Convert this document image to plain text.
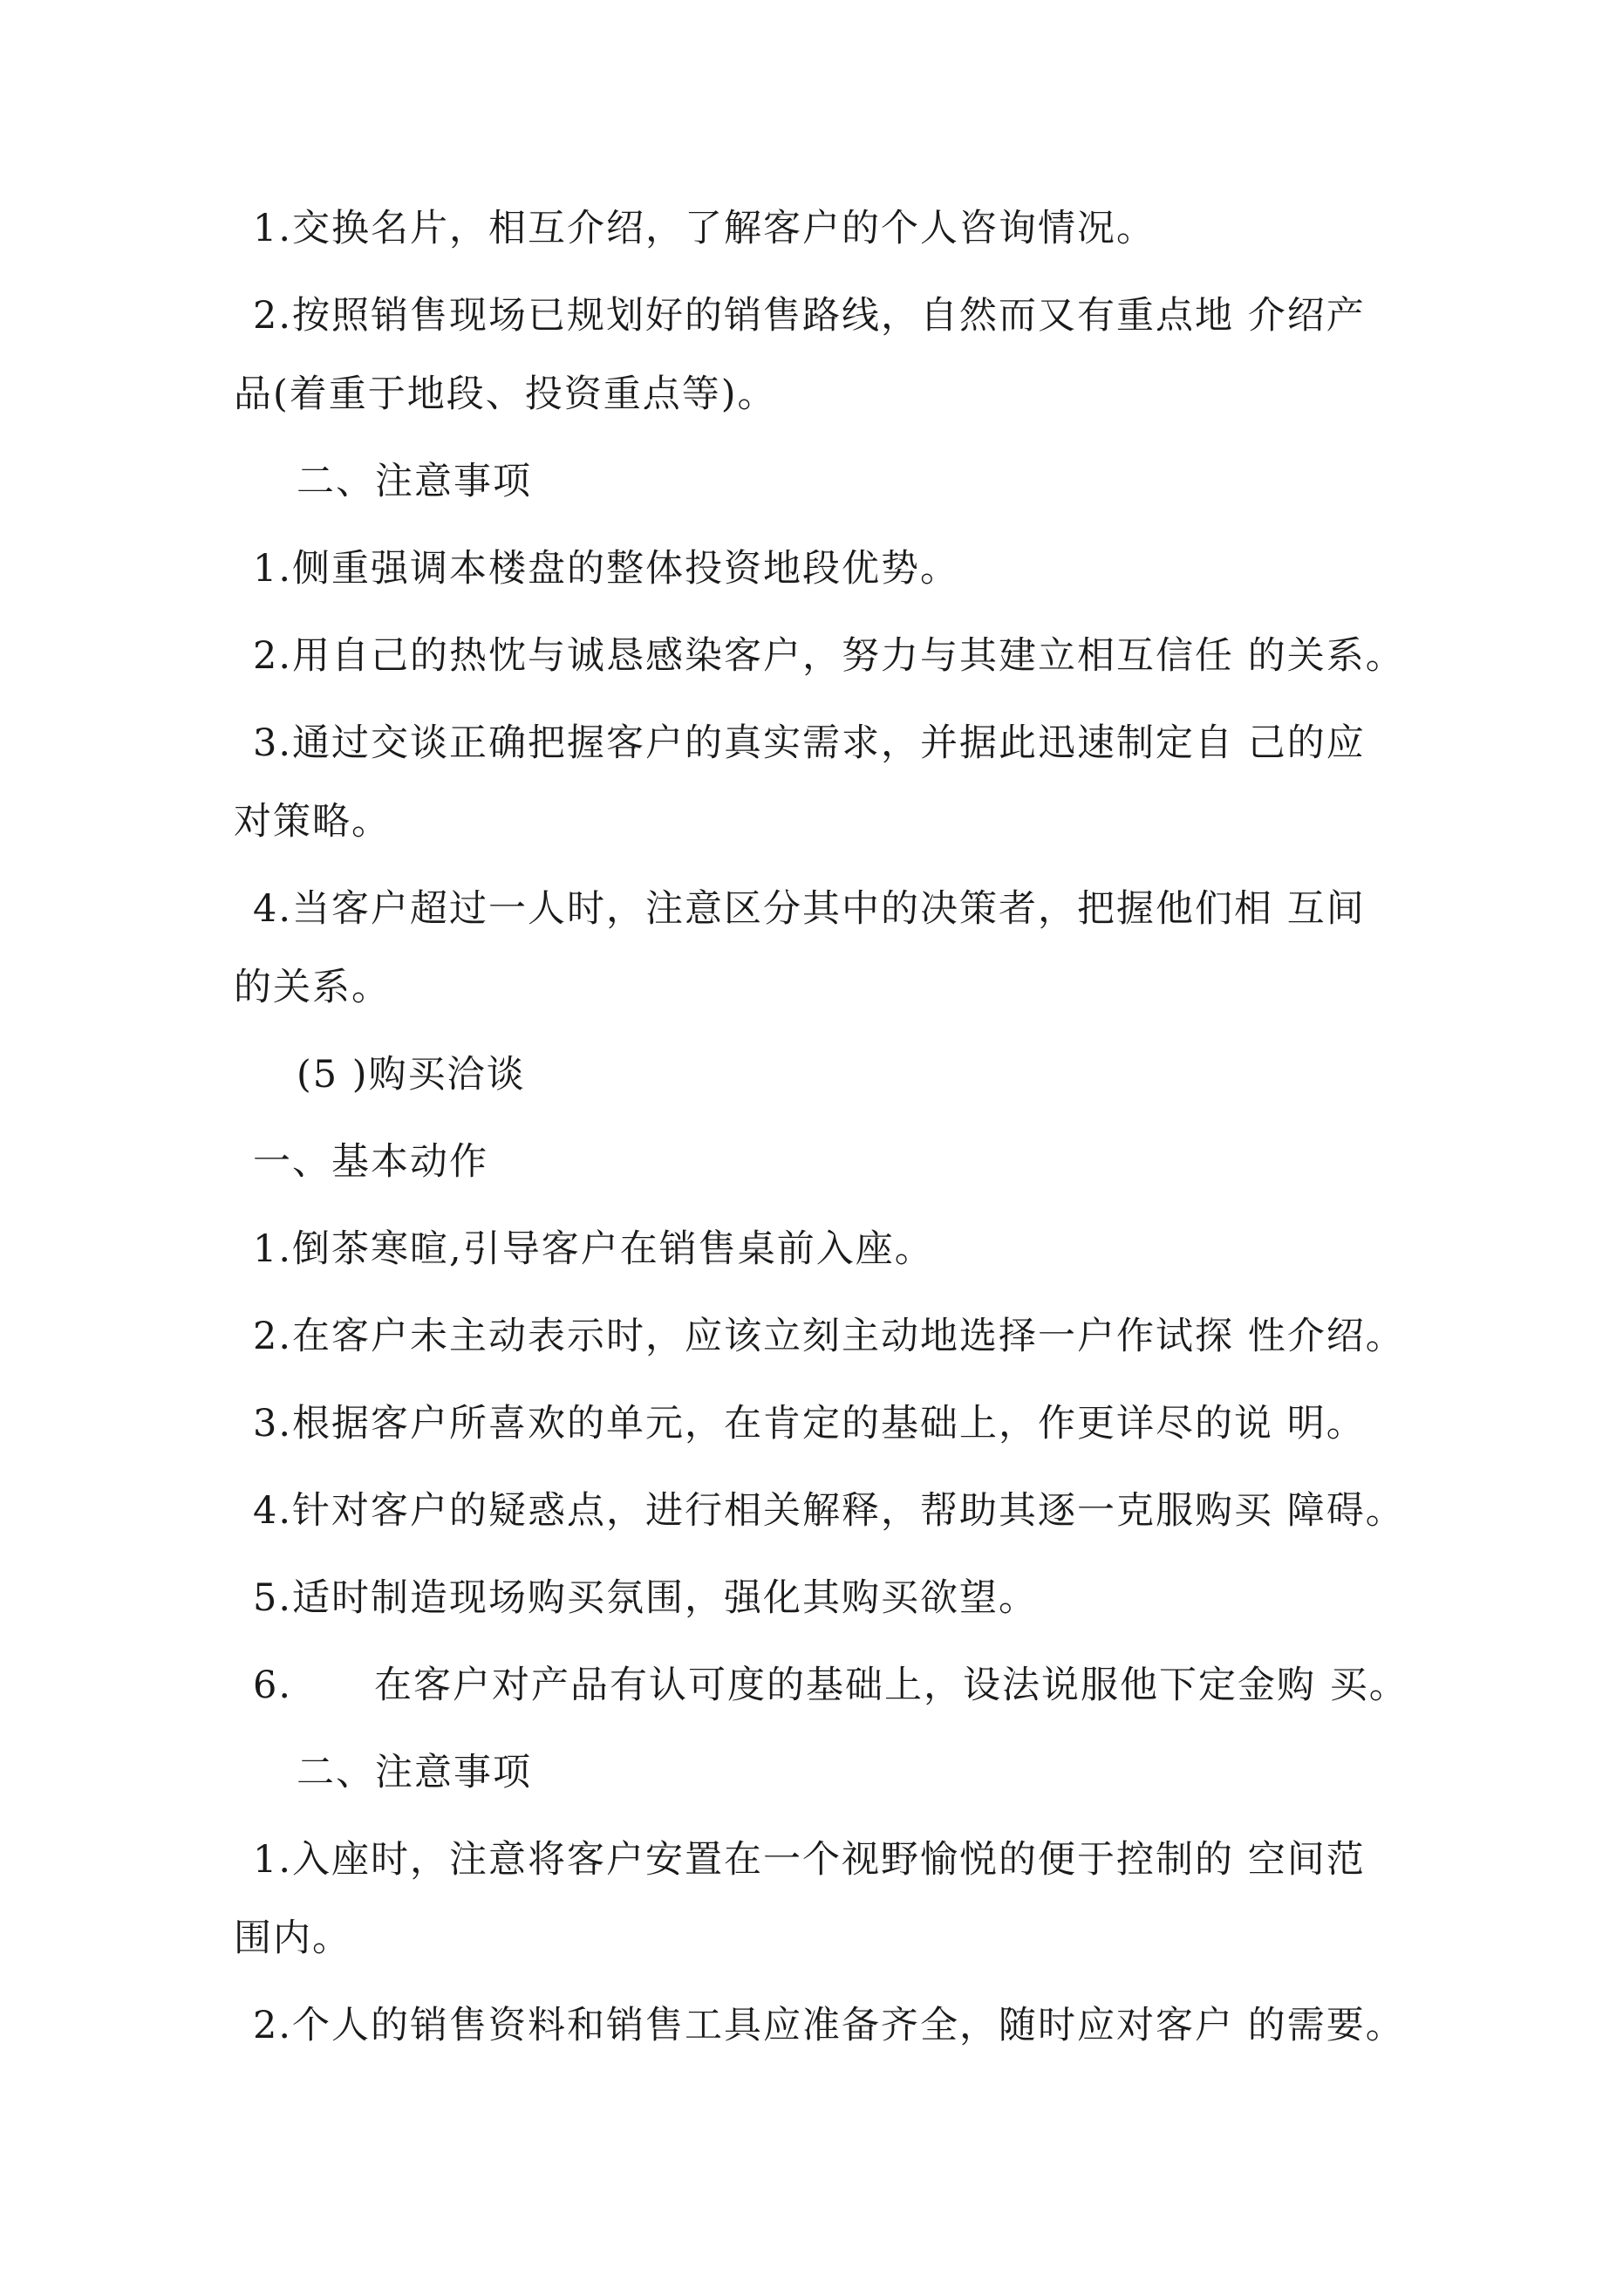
1.交换名片，相互介绍，了解客户的个人咨询情况。
2.按照销售现场已规划好的销售路线，自然而又有重点地 介绍产
品(着重于地段、投资重点等)。
二、注意事项
1.侧重强调本楼盘的整体投资地段优势。
2.用自己的热忱与诚恳感染客户，努力与其建立相互信任 的关系。
3.通过交谈正确把握客户的真实需求，并据此迅速制定自 己的应
对策略。
4.当客户超过一人时，注意区分其中的决策者，把握他们相 互间
的关系。
(5 )购买洽谈
一、基本动作
1.倒茶寒暄,引导客户在销售桌前入座。
2.在客户未主动表示时，应该立刻主动地选择一户作试探 性介绍。
3.根据客户所喜欢的单元，在肯定的基础上，作更详尽的说 明。
4.针对客户的疑惑点，进行相关解释，帮助其逐一克服购买 障碍。
5.适时制造现场购买氛围，强化其购买欲望。
6.      在客户对产品有认可度的基础上，设法说服他下定金购 买。
二、注意事项
1.入座时，注意将客户安置在一个视野愉悦的便于控制的 空间范
围内。
2.个人的销售资料和销售工具应准备齐全，随时应对客户 的需要。
